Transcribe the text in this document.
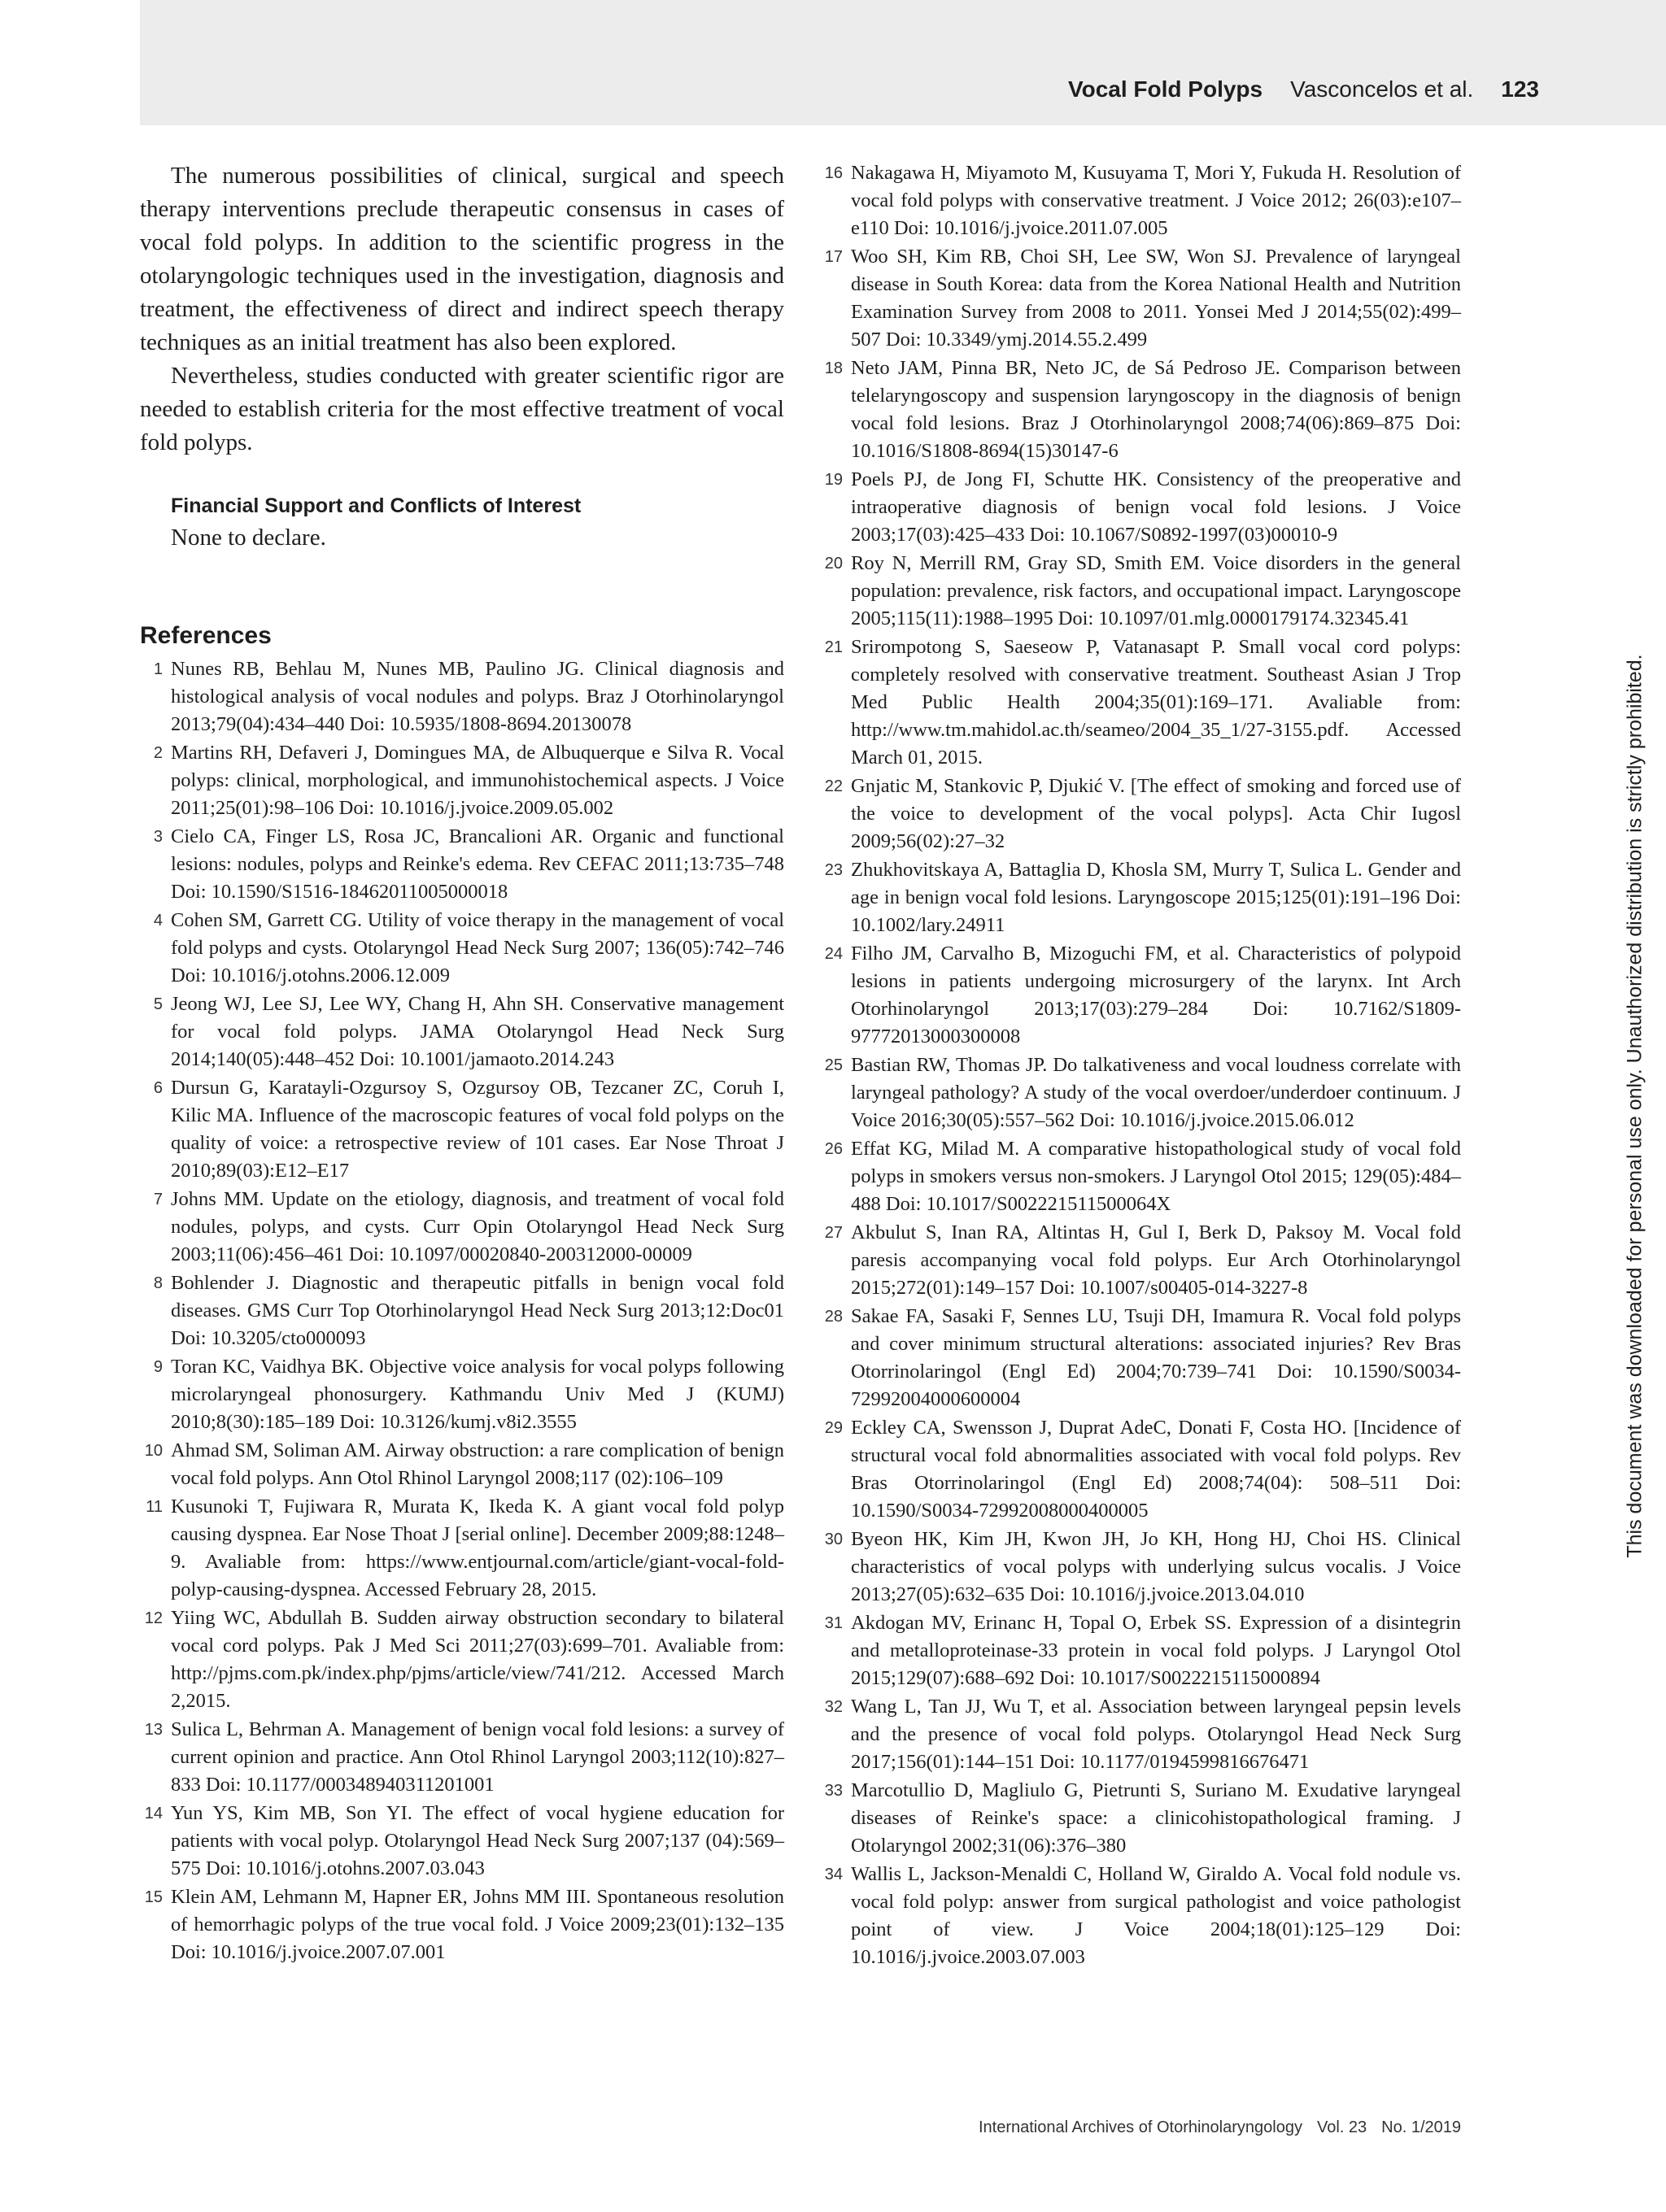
Vocal Fold Polyps Vasconcelos et al. 123

The numerous possibilities of clinical, surgical and speech therapy interventions preclude therapeutic consensus in cases of vocal fold polyps. In addition to the scientific progress in the otolaryngologic techniques used in the investigation, diagnosis and treatment, the effectiveness of direct and indirect speech therapy techniques as an initial treatment has also been explored.

Nevertheless, studies conducted with greater scientific rigor are needed to establish criteria for the most effective treatment of vocal fold polyps.

Financial Support and Conflicts of Interest
None to declare.
References
1 Nunes RB, Behlau M, Nunes MB, Paulino JG. Clinical diagnosis and histological analysis of vocal nodules and polyps. Braz J Otorhinolaryngol 2013;79(04):434–440 Doi: 10.5935/1808-8694.20130078
2 Martins RH, Defaveri J, Domingues MA, de Albuquerque e Silva R. Vocal polyps: clinical, morphological, and immunohistochemical aspects. J Voice 2011;25(01):98–106 Doi: 10.1016/j.jvoice.2009.05.002
3 Cielo CA, Finger LS, Rosa JC, Brancalioni AR. Organic and functional lesions: nodules, polyps and Reinke's edema. Rev CEFAC 2011;13:735–748 Doi: 10.1590/S1516-18462011005000018
4 Cohen SM, Garrett CG. Utility of voice therapy in the management of vocal fold polyps and cysts. Otolaryngol Head Neck Surg 2007; 136(05):742–746 Doi: 10.1016/j.otohns.2006.12.009
5 Jeong WJ, Lee SJ, Lee WY, Chang H, Ahn SH. Conservative management for vocal fold polyps. JAMA Otolaryngol Head Neck Surg 2014;140(05):448–452 Doi: 10.1001/jamaoto.2014.243
6 Dursun G, Karatayli-Ozgursoy S, Ozgursoy OB, Tezcaner ZC, Coruh I, Kilic MA. Influence of the macroscopic features of vocal fold polyps on the quality of voice: a retrospective review of 101 cases. Ear Nose Throat J 2010;89(03):E12–E17
7 Johns MM. Update on the etiology, diagnosis, and treatment of vocal fold nodules, polyps, and cysts. Curr Opin Otolaryngol Head Neck Surg 2003;11(06):456–461 Doi: 10.1097/00020840-200312000-00009
8 Bohlender J. Diagnostic and therapeutic pitfalls in benign vocal fold diseases. GMS Curr Top Otorhinolaryngol Head Neck Surg 2013;12:Doc01 Doi: 10.3205/cto000093
9 Toran KC, Vaidhya BK. Objective voice analysis for vocal polyps following microlaryngeal phonosurgery. Kathmandu Univ Med J (KUMJ) 2010;8(30):185–189 Doi: 10.3126/kumj.v8i2.3555
10 Ahmad SM, Soliman AM. Airway obstruction: a rare complication of benign vocal fold polyps. Ann Otol Rhinol Laryngol 2008;117 (02):106–109
11 Kusunoki T, Fujiwara R, Murata K, Ikeda K. A giant vocal fold polyp causing dyspnea. Ear Nose Thoat J [serial online]. December 2009;88:1248–9. Avaliable from: https://www.entjournal.com/article/giant-vocal-fold-polyp-causing-dyspnea. Accessed February 28, 2015.
12 Yiing WC, Abdullah B. Sudden airway obstruction secondary to bilateral vocal cord polyps. Pak J Med Sci 2011;27(03):699–701. Avaliable from: http://pjms.com.pk/index.php/pjms/article/view/741/212. Accessed March 2,2015.
13 Sulica L, Behrman A. Management of benign vocal fold lesions: a survey of current opinion and practice. Ann Otol Rhinol Laryngol 2003;112(10):827–833 Doi: 10.1177/000348940311201001
14 Yun YS, Kim MB, Son YI. The effect of vocal hygiene education for patients with vocal polyp. Otolaryngol Head Neck Surg 2007;137 (04):569–575 Doi: 10.1016/j.otohns.2007.03.043
15 Klein AM, Lehmann M, Hapner ER, Johns MM III. Spontaneous resolution of hemorrhagic polyps of the true vocal fold. J Voice 2009;23(01):132–135 Doi: 10.1016/j.jvoice.2007.07.001
16 Nakagawa H, Miyamoto M, Kusuyama T, Mori Y, Fukuda H. Resolution of vocal fold polyps with conservative treatment. J Voice 2012; 26(03):e107–e110 Doi: 10.1016/j.jvoice.2011.07.005
17 Woo SH, Kim RB, Choi SH, Lee SW, Won SJ. Prevalence of laryngeal disease in South Korea: data from the Korea National Health and Nutrition Examination Survey from 2008 to 2011. Yonsei Med J 2014;55(02):499–507 Doi: 10.3349/ymj.2014.55.2.499
18 Neto JAM, Pinna BR, Neto JC, de Sá Pedroso JE. Comparison between telelaryngoscopy and suspension laryngoscopy in the diagnosis of benign vocal fold lesions. Braz J Otorhinolaryngol 2008;74(06):869–875 Doi: 10.1016/S1808-8694(15)30147-6
19 Poels PJ, de Jong FI, Schutte HK. Consistency of the preoperative and intraoperative diagnosis of benign vocal fold lesions. J Voice 2003;17(03):425–433 Doi: 10.1067/S0892-1997(03)00010-9
20 Roy N, Merrill RM, Gray SD, Smith EM. Voice disorders in the general population: prevalence, risk factors, and occupational impact. Laryngoscope 2005;115(11):1988–1995 Doi: 10.1097/01.mlg.0000179174.32345.41
21 Srirompotong S, Saeseow P, Vatanasapt P. Small vocal cord polyps: completely resolved with conservative treatment. Southeast Asian J Trop Med Public Health 2004;35(01):169–171. Avaliable from: http://www.tm.mahidol.ac.th/seameo/2004_35_1/27-3155.pdf. Accessed March 01, 2015.
22 Gnjatic M, Stankovic P, Djukić V. [The effect of smoking and forced use of the voice to development of the vocal polyps]. Acta Chir Iugosl 2009;56(02):27–32
23 Zhukhovitskaya A, Battaglia D, Khosla SM, Murry T, Sulica L. Gender and age in benign vocal fold lesions. Laryngoscope 2015;125(01):191–196 Doi: 10.1002/lary.24911
24 Filho JM, Carvalho B, Mizoguchi FM, et al. Characteristics of polypoid lesions in patients undergoing microsurgery of the larynx. Int Arch Otorhinolaryngol 2013;17(03):279–284 Doi: 10.7162/S1809-97772013000300008
25 Bastian RW, Thomas JP. Do talkativeness and vocal loudness correlate with laryngeal pathology? A study of the vocal overdoer/underdoer continuum. J Voice 2016;30(05):557–562 Doi: 10.1016/j.jvoice.2015.06.012
26 Effat KG, Milad M. A comparative histopathological study of vocal fold polyps in smokers versus non-smokers. J Laryngol Otol 2015; 129(05):484–488 Doi: 10.1017/S002221511500064X
27 Akbulut S, Inan RA, Altintas H, Gul I, Berk D, Paksoy M. Vocal fold paresis accompanying vocal fold polyps. Eur Arch Otorhinolaryngol 2015;272(01):149–157 Doi: 10.1007/s00405-014-3227-8
28 Sakae FA, Sasaki F, Sennes LU, Tsuji DH, Imamura R. Vocal fold polyps and cover minimum structural alterations: associated injuries? Rev Bras Otorrinolaringol (Engl Ed) 2004;70:739–741 Doi: 10.1590/S0034-72992004000600004
29 Eckley CA, Swensson J, Duprat AdeC, Donati F, Costa HO. [Incidence of structural vocal fold abnormalities associated with vocal fold polyps. Rev Bras Otorrinolaringol (Engl Ed) 2008;74(04): 508–511 Doi: 10.1590/S0034-72992008000400005
30 Byeon HK, Kim JH, Kwon JH, Jo KH, Hong HJ, Choi HS. Clinical characteristics of vocal polyps with underlying sulcus vocalis. J Voice 2013;27(05):632–635 Doi: 10.1016/j.jvoice.2013.04.010
31 Akdogan MV, Erinanc H, Topal O, Erbek SS. Expression of a disintegrin and metalloproteinase-33 protein in vocal fold polyps. J Laryngol Otol 2015;129(07):688–692 Doi: 10.1017/S0022215115000894
32 Wang L, Tan JJ, Wu T, et al. Association between laryngeal pepsin levels and the presence of vocal fold polyps. Otolaryngol Head Neck Surg 2017;156(01):144–151 Doi: 10.1177/0194599816676471
33 Marcotullio D, Magliulo G, Pietrunti S, Suriano M. Exudative laryngeal diseases of Reinke's space: a clinicohistopathological framing. J Otolaryngol 2002;31(06):376–380
34 Wallis L, Jackson-Menaldi C, Holland W, Giraldo A. Vocal fold nodule vs. vocal fold polyp: answer from surgical pathologist and voice pathologist point of view. J Voice 2004;18(01):125–129 Doi: 10.1016/j.jvoice.2003.07.003
This document was downloaded for personal use only. Unauthorized distribution is strictly prohibited.
International Archives of Otorhinolaryngology Vol. 23 No. 1/2019
